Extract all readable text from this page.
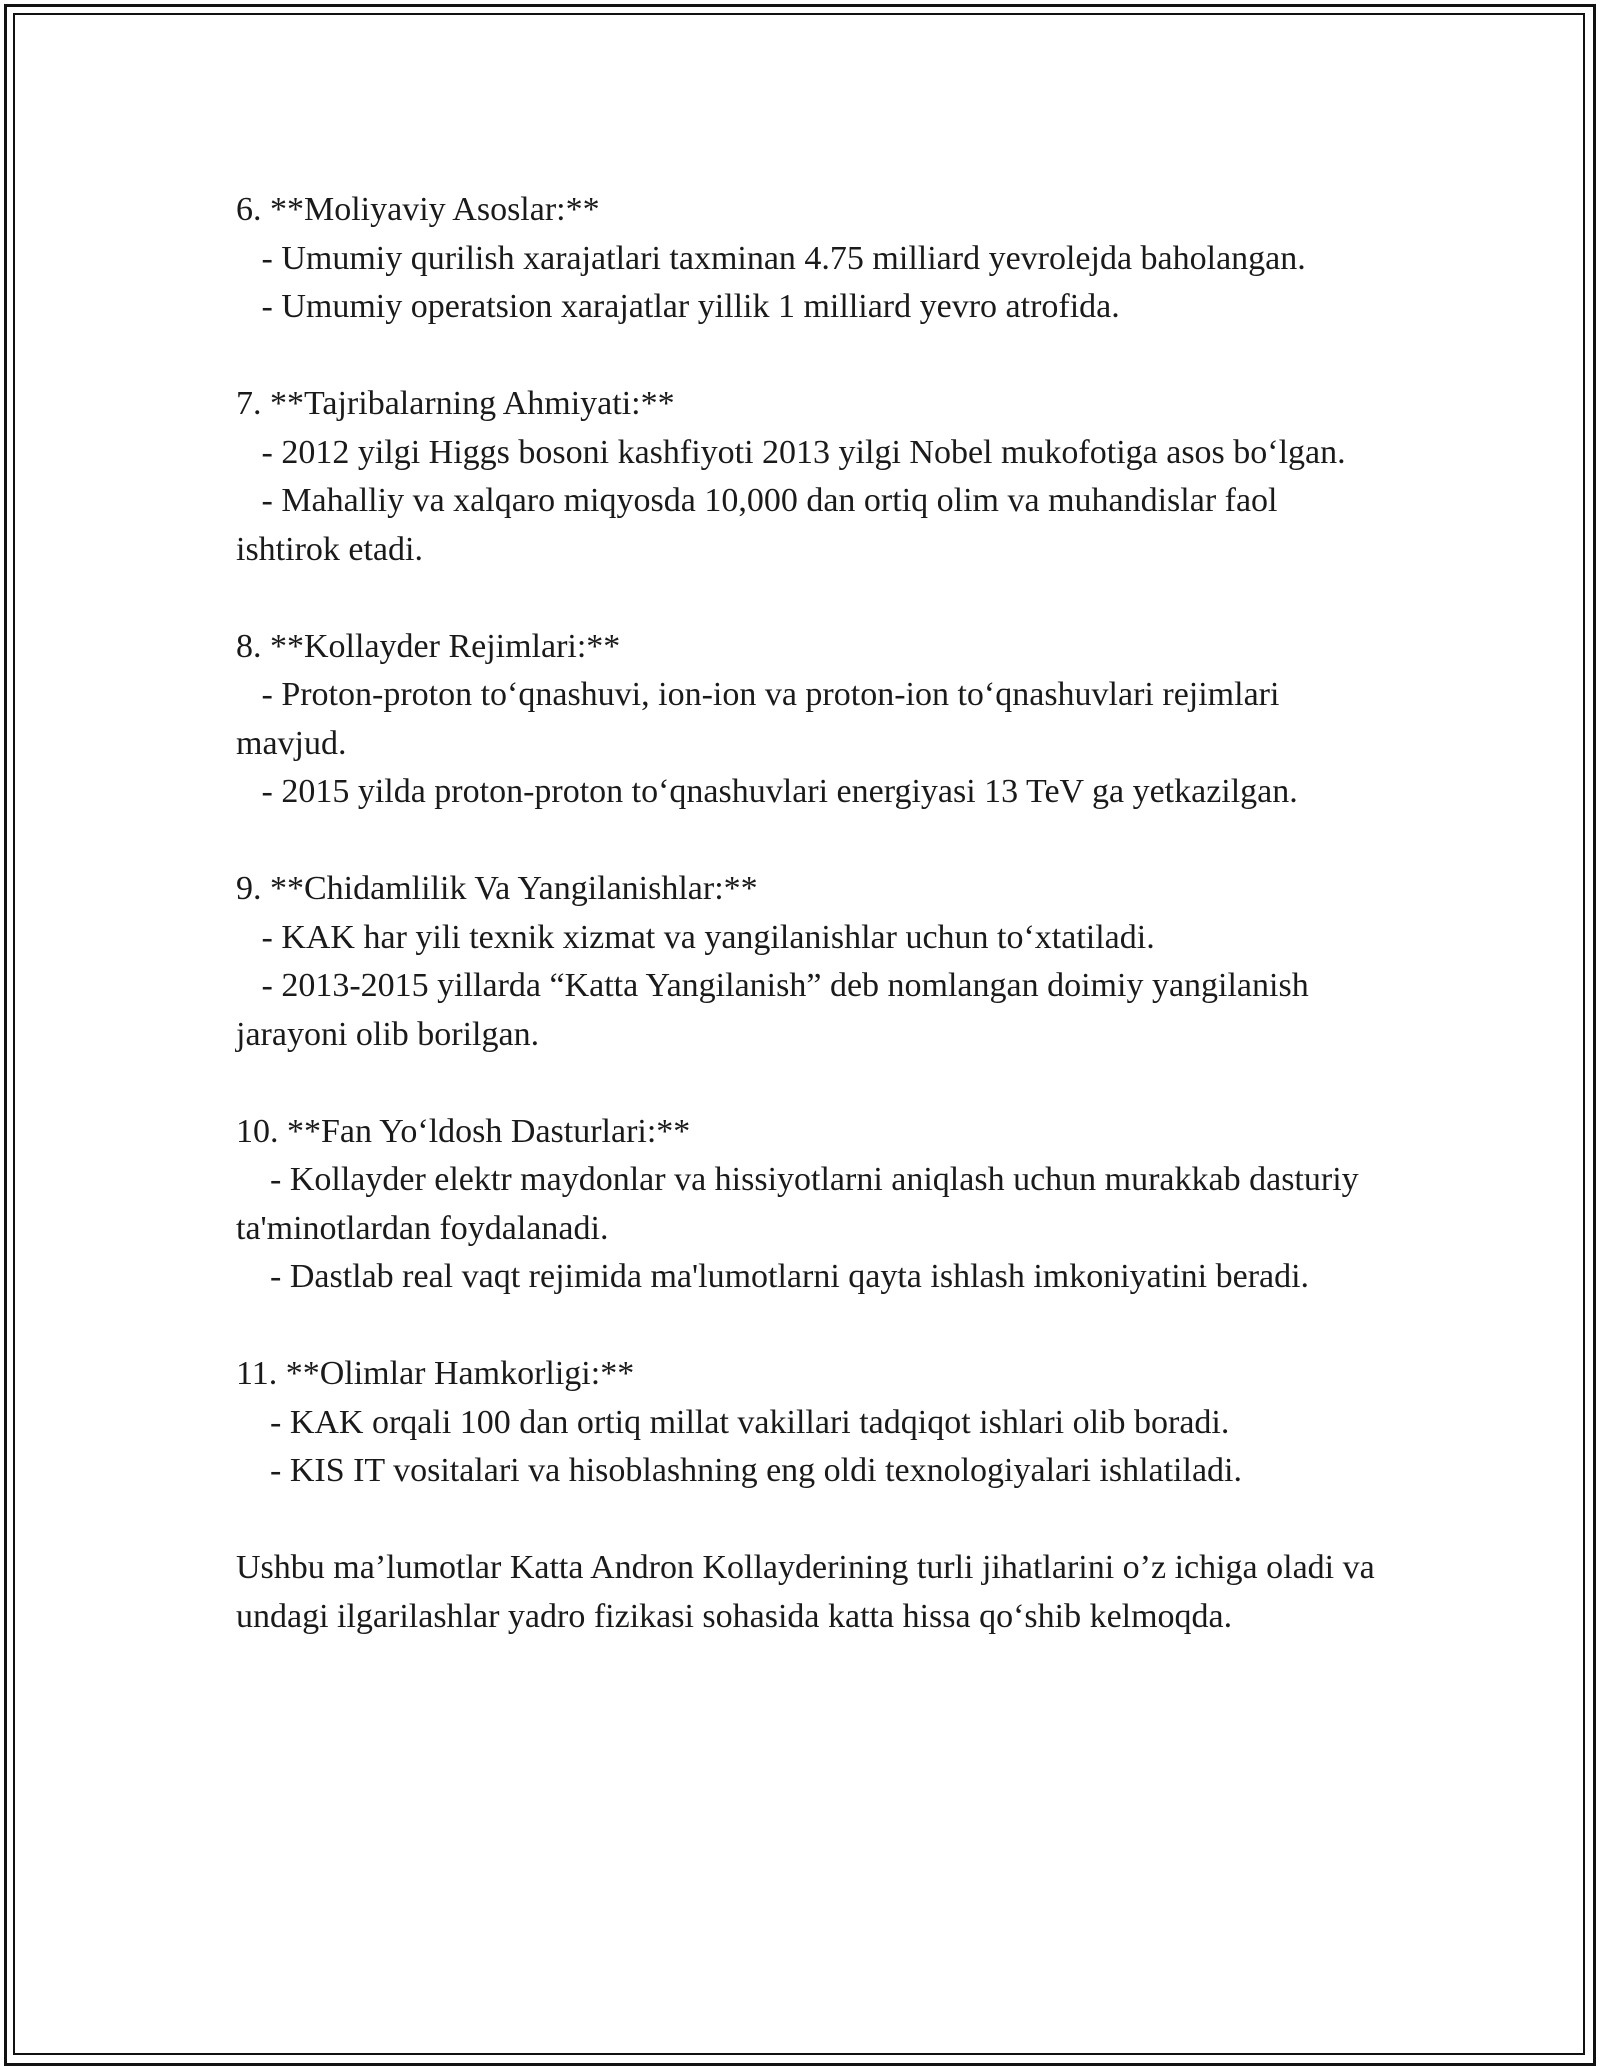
6. **Moliyaviy Asoslar:**

- Umumiy qurilish xarajatlari taxminan 4.75 milliard yevrolejda baholangan.

- Umumiy operatsion xarajatlar yillik 1 milliard yevro atrofida.

7. **Tajribalarning Ahmiyati:**

- 2012 yilgi Higgs bosoni kashfiyoti 2013 yilgi Nobel mukofotiga asos bo‘lgan.

- Mahalliy va xalqaro miqyosda 10,000 dan ortiq olim va muhandislar faol ishtirok etadi.

8. **Kollayder Rejimlari:**

- Proton-proton to‘qnashuvi, ion-ion va proton-ion to‘qnashuvlari rejimlari mavjud.

- 2015 yilda proton-proton to‘qnashuvlari energiyasi 13 TeV ga yetkazilgan.

9. **Chidamlilik Va Yangilanishlar:**

- KAK har yili texnik xizmat va yangilanishlar uchun to‘xtatiladi.

- 2013-2015 yillarda “Katta Yangilanish” deb nomlangan doimiy yangilanish jarayoni olib borilgan.

10. **Fan Yo‘ldosh Dasturlari:**

- Kollayder elektr maydonlar va hissiyotlarni aniqlash uchun murakkab dasturiy ta'minotlardan foydalanadi.

- Dastlab real vaqt rejimida ma'lumotlarni qayta ishlash imkoniyatini beradi.

11. **Olimlar Hamkorligi:**

- KAK orqali 100 dan ortiq millat vakillari tadqiqot ishlari olib boradi.

- KIS IT vositalari va hisoblashning eng oldi texnologiyalari ishlatiladi.

Ushbu ma’lumotlar Katta Andron Kollayderining turli jihatlarini o’z ichiga oladi va undagi ilgarilashlar yadro fizikasi sohasida katta hissa qo‘shib kelmoqda.
